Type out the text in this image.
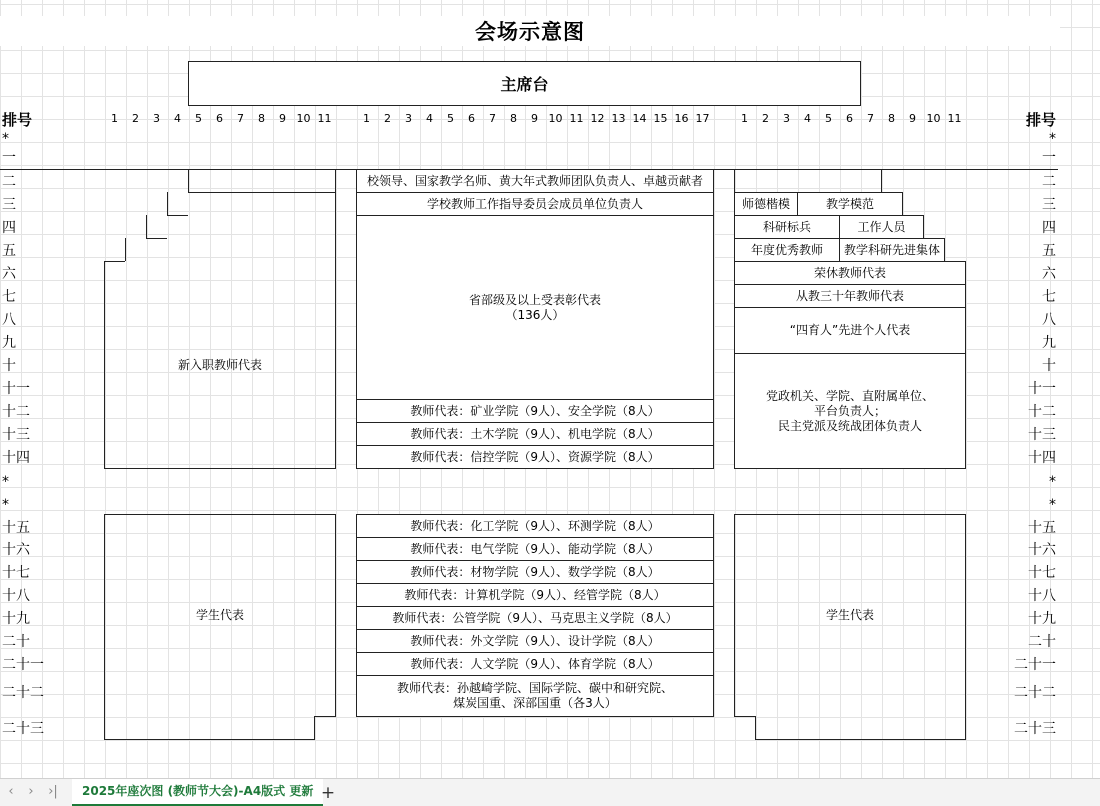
会场示意图
主席台
排号	排号
1	2	3	4	5	6	7	8	9 10 11	1	2	3	4	5	6	7	8	9 10 11 12 13 14 15 16 17	1	2	3	4	5	6	7	8	9 10 11
*	*
一	一
二	二
三	三
四	四
五	五
六	六
七	七
八	八
九	九
十	十
十一	十一
十二	十二
十三	十三
十四	十四
*	*
*	*
十五	十五
十六	十六
十七	十七
十八	十八
十九	十九
二十	二十
二十一	二十一
二十二	二十二
二十三	二十三
新入职教师代表
校领导、国家教学名师、黄大年式教师团队负责人、卓越贡献者
学校教师工作指导委员会成员单位负责人
省部级及以上受表彰代表
（136人）
教师代表：矿业学院（9人）、安全学院（8人）
教师代表：土木学院（9人）、机电学院（8人）
教师代表：信控学院（9人）、资源学院（8人）
师德楷模	教学模范
科研标兵	工作人员
年度优秀教师	教学科研先进集体
荣休教师代表
从教三十年教师代表
“四育人”先进个人代表
党政机关、学院、直附属单位、
平台负责人；
民主党派及统战团体负责人
学生代表
教师代表：化工学院（9人）、环测学院（8人）
教师代表：电气学院（9人）、能动学院（8人）
教师代表：材物学院（9人）、数学学院（8人）
教师代表：计算机学院（9人）、经管学院（8人）
教师代表：公管学院（9人）、马克思主义学院（8人）
教师代表：外文学院（9人）、设计学院（8人）
教师代表：人文学院（9人）、体育学院（8人）
教师代表：孙越崎学院、国际学院、碳中和研究院、
煤炭国重、深部国重（各3人）
学生代表
‹	›	›|	2025年座次图 (教师节大会)-A4版式 更新 +
